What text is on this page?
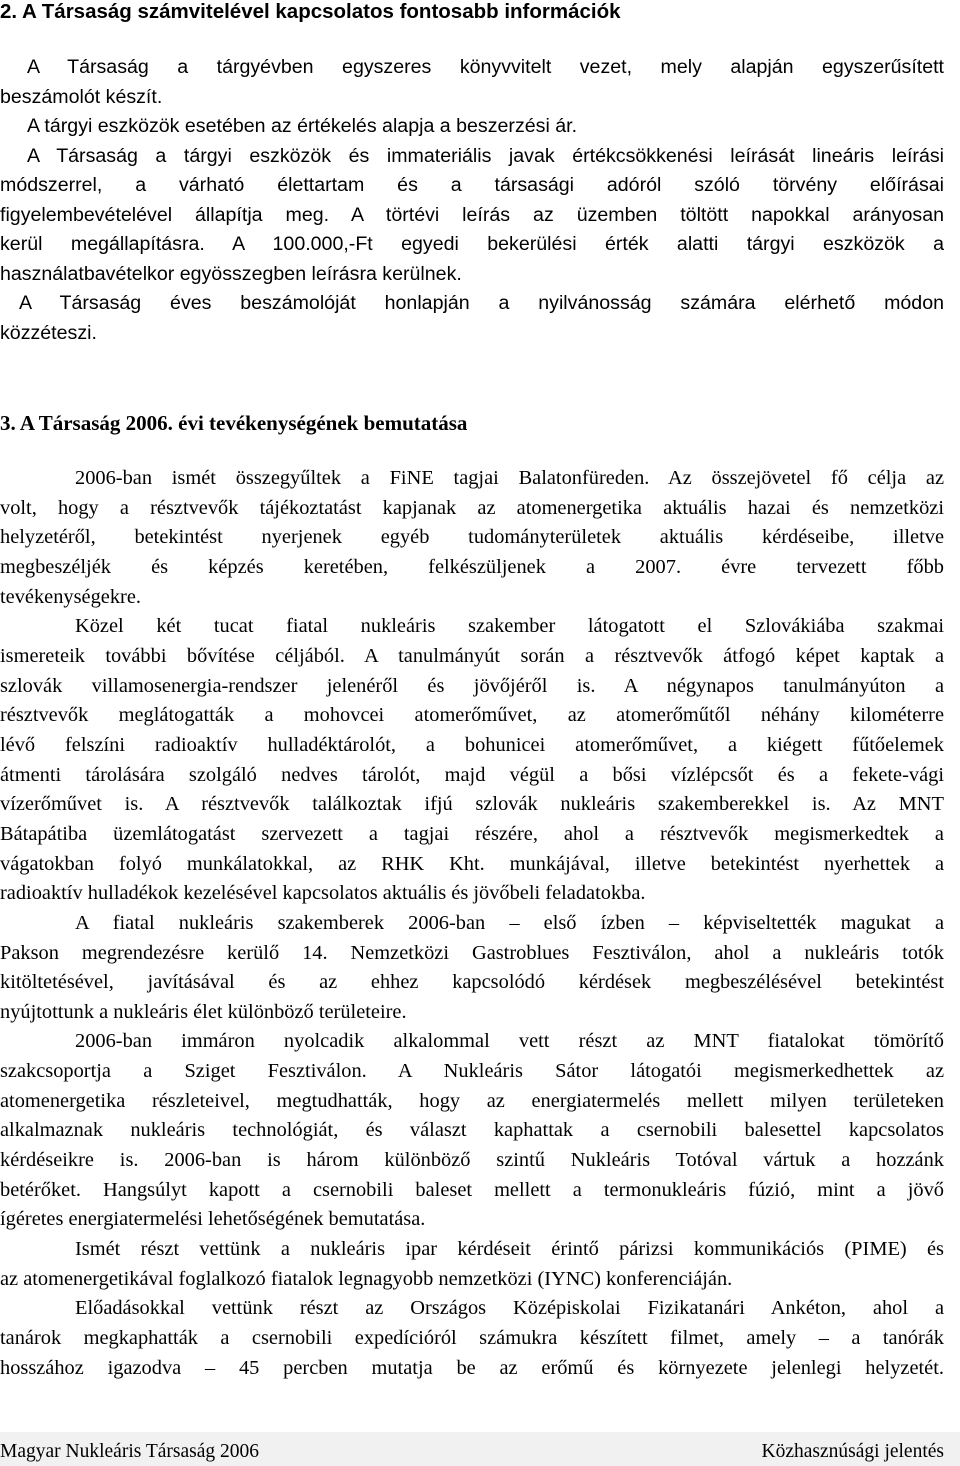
2. A Társaság számvitelével kapcsolatos fontosabb információk
A Társaság a tárgyévben egyszeres könyvvitelt vezet, mely alapján egyszerűsített
beszámolót készít.
A tárgyi eszközök esetében az értékelés alapja a beszerzési ár.
A Társaság a tárgyi eszközök és immateriális javak értékcsökkenési leírását lineáris leírási
módszerrel, a várható élettartam és a társasági adóról szóló törvény előírásai
figyelembevételével állapítja meg. A törtévi leírás az üzemben töltött napokkal arányosan
kerül megállapításra. A 100.000,-Ft egyedi bekerülési érték alatti tárgyi eszközök a
használatbavételkor egyösszegben leírásra kerülnek.
A Társaság éves beszámolóját honlapján a nyilvánosság számára elérhető módon
közzéteszi.
3. A Társaság 2006. évi tevékenységének bemutatása
2006-ban ismét összegyűltek a FiNE tagjai Balatonfüreden. Az összejövetel fő célja az
volt, hogy a résztvevők tájékoztatást kapjanak az atomenergetika aktuális hazai és nemzetközi
helyzetéről, betekintést nyerjenek egyéb tudományterületek aktuális kérdéseibe, illetve
megbeszéljék és képzés keretében, felkészüljenek a 2007. évre tervezett főbb
tevékenységekre.
Közel két tucat fiatal nukleáris szakember látogatott el Szlovákiába szakmai
ismereteik további bővítése céljából. A tanulmányút során a résztvevők átfogó képet kaptak a
szlovák villamosenergia-rendszer jelenéről és jövőjéről is. A négynapos tanulmányúton a
résztvevők meglátogatták a mohovcei atomerőművet, az atomerőműtől néhány kilométerre
lévő felszíni radioaktív hulladéktárolót, a bohunicei atomerőművet, a kiégett fűtőelemek
átmenti tárolására szolgáló nedves tárolót, majd végül a bősi vízlépcsőt és a fekete-vági
vízerőművet is. A résztvevők találkoztak ifjú szlovák nukleáris szakemberekkel is. Az MNT
Bátapátiba üzemlátogatást szervezett a tagjai részére, ahol a résztvevők megismerkedtek a
vágatokban folyó munkálatokkal, az RHK Kht. munkájával, illetve betekintést nyerhettek a
radioaktív hulladékok kezelésével kapcsolatos aktuális és jövőbeli feladatokba.
A fiatal nukleáris szakemberek 2006-ban – első ízben – képviseltették magukat a
Pakson megrendezésre kerülő 14. Nemzetközi Gastroblues Fesztiválon, ahol a nukleáris totók
kitöltetésével, javításával és az ehhez kapcsolódó kérdések megbeszélésével betekintést
nyújtottunk a nukleáris élet különböző területeire.
2006-ban immáron nyolcadik alkalommal vett részt az MNT fiatalokat tömörítő
szakcsoportja a Sziget Fesztiválon. A Nukleáris Sátor látogatói megismerkedhettek az
atomenergetika részleteivel, megtudhatták, hogy az energiatermelés mellett milyen területeken
alkalmaznak nukleáris technológiát, és választ kaphattak a csernobili balesettel kapcsolatos
kérdéseikre is. 2006-ban is három különböző szintű Nukleáris Totóval vártuk a hozzánk
betérőket. Hangsúlyt kapott a csernobili baleset mellett a termonukleáris fúzió, mint a jövő
ígéretes energiatermelési lehetőségének bemutatása.
Ismét részt vettünk a nukleáris ipar kérdéseit érintő párizsi kommunikációs (PIME) és
az atomenergetikával foglalkozó fiatalok legnagyobb nemzetközi (IYNC) konferenciáján.
Előadásokkal vettünk részt az Országos Középiskolai Fizikatanári Ankéton, ahol a
tanárok megkaphatták a csernobili expedícióról számukra készített filmet, amely – a tanórák
hosszához igazodva – 45 percben mutatja be az erőmű és környezete jelenlegi helyzetét.
Magyar Nukleáris Társaság 2006	Közhasznúsági jelentés
